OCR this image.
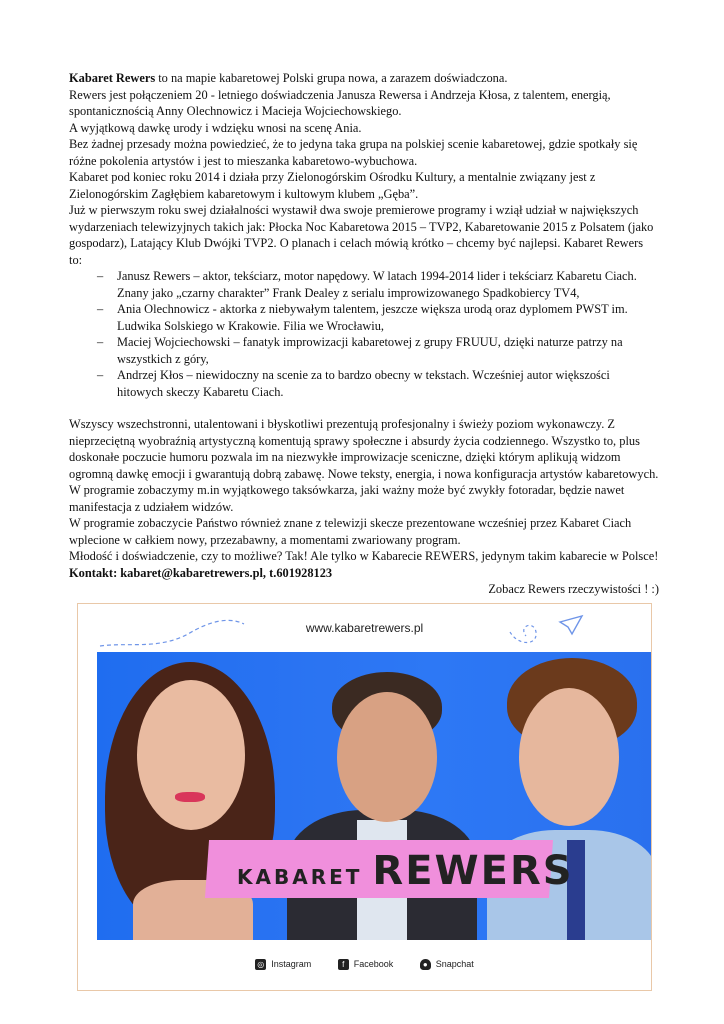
Kabaret Rewers to na mapie kabaretowej Polski grupa nowa, a zarazem doświadczona.

Rewers jest połączeniem 20 - letniego doświadczenia Janusza Rewersa i Andrzeja Kłosa, z talentem, energią, spontanicznością Anny Olechnowicz i Macieja Wojciechowskiego.

A wyjątkową dawkę urody i wdzięku wnosi na scenę Ania.

Bez żadnej przesady można powiedzieć, że to jedyna taka grupa na polskiej scenie kabaretowej, gdzie spotkały się różne pokolenia artystów i jest to mieszanka kabaretowo-wybuchowa.

Kabaret pod koniec roku 2014 i działa przy Zielonogórskim Ośrodku Kultury, a mentalnie związany jest z Zielonogórskim Zagłębiem kabaretowym i kultowym klubem „Gęba”.

Już w pierwszym roku swej działalności wystawił dwa swoje premierowe programy i wziął udział w największych wydarzeniach telewizyjnych takich jak: Płocka Noc Kabaretowa 2015 – TVP2, Kabaretowanie 2015 z Polsatem (jako gospodarz), Latający Klub Dwójki TVP2. O planach i celach mówią krótko – chcemy być najlepsi. Kabaret Rewers to:

– Janusz Rewers – aktor, tekściarz, motor napędowy. W latach 1994-2014 lider i tekściarz Kabaretu Ciach. Znany jako „czarny charakter” Frank Dealey z serialu improwizowanego Spadkobiercy TV4,
– Ania Olechnowicz - aktorka z niebywałym talentem, jeszcze większa urodą oraz dyplomem PWST im. Ludwika Solskiego w Krakowie. Filia we Wrocławiu,
– Maciej Wojciechowski – fanatyk improwizacji kabaretowej z grupy FRUUU, dzięki naturze patrzy na wszystkich z góry,
– Andrzej Kłos – niewidoczny na scenie za to bardzo obecny w tekstach. Wcześniej autor większości hitowych skeczy Kabaretu Ciach.

Wszyscy wszechstronni, utalentowani i błyskotliwi prezentują profesjonalny i świeży poziom wykonawczy. Z nieprzeciętną wyobraźnią artystyczną komentują sprawy społeczne i absurdy życia codziennego. Wszystko to, plus doskonałe poczucie humoru pozwala im na niezwykłe improwizacje sceniczne, dzięki którym aplikują widzom ogromną dawkę emocji i gwarantują dobrą zabawę. Nowe teksty, energia, i nowa konfiguracja artystów kabaretowych. W programie zobaczymy m.in wyjątkowego taksówkarza, jaki ważny może być zwykły fotoradar, będzie nawet manifestacja z udziałem widzów.

W programie zobaczycie Państwo również znane z telewizji skecze prezentowane wcześniej przez Kabaret Ciach wplecione w całkiem nowy, przezabawny, a momentami zwariowany program.

Młodość i doświadczenie, czy to możliwe? Tak! Ale tylko w Kabarecie REWERS, jedynym takim kabarecie w Polsce!

Kontakt: kabaret@kabaretrewers.pl, t.601928123

Zobacz Rewers rzeczywistości ! :)

www.kabaretrewers.pl
KABARET REWERS
◎ Instagram	f Facebook	● Snapchat
